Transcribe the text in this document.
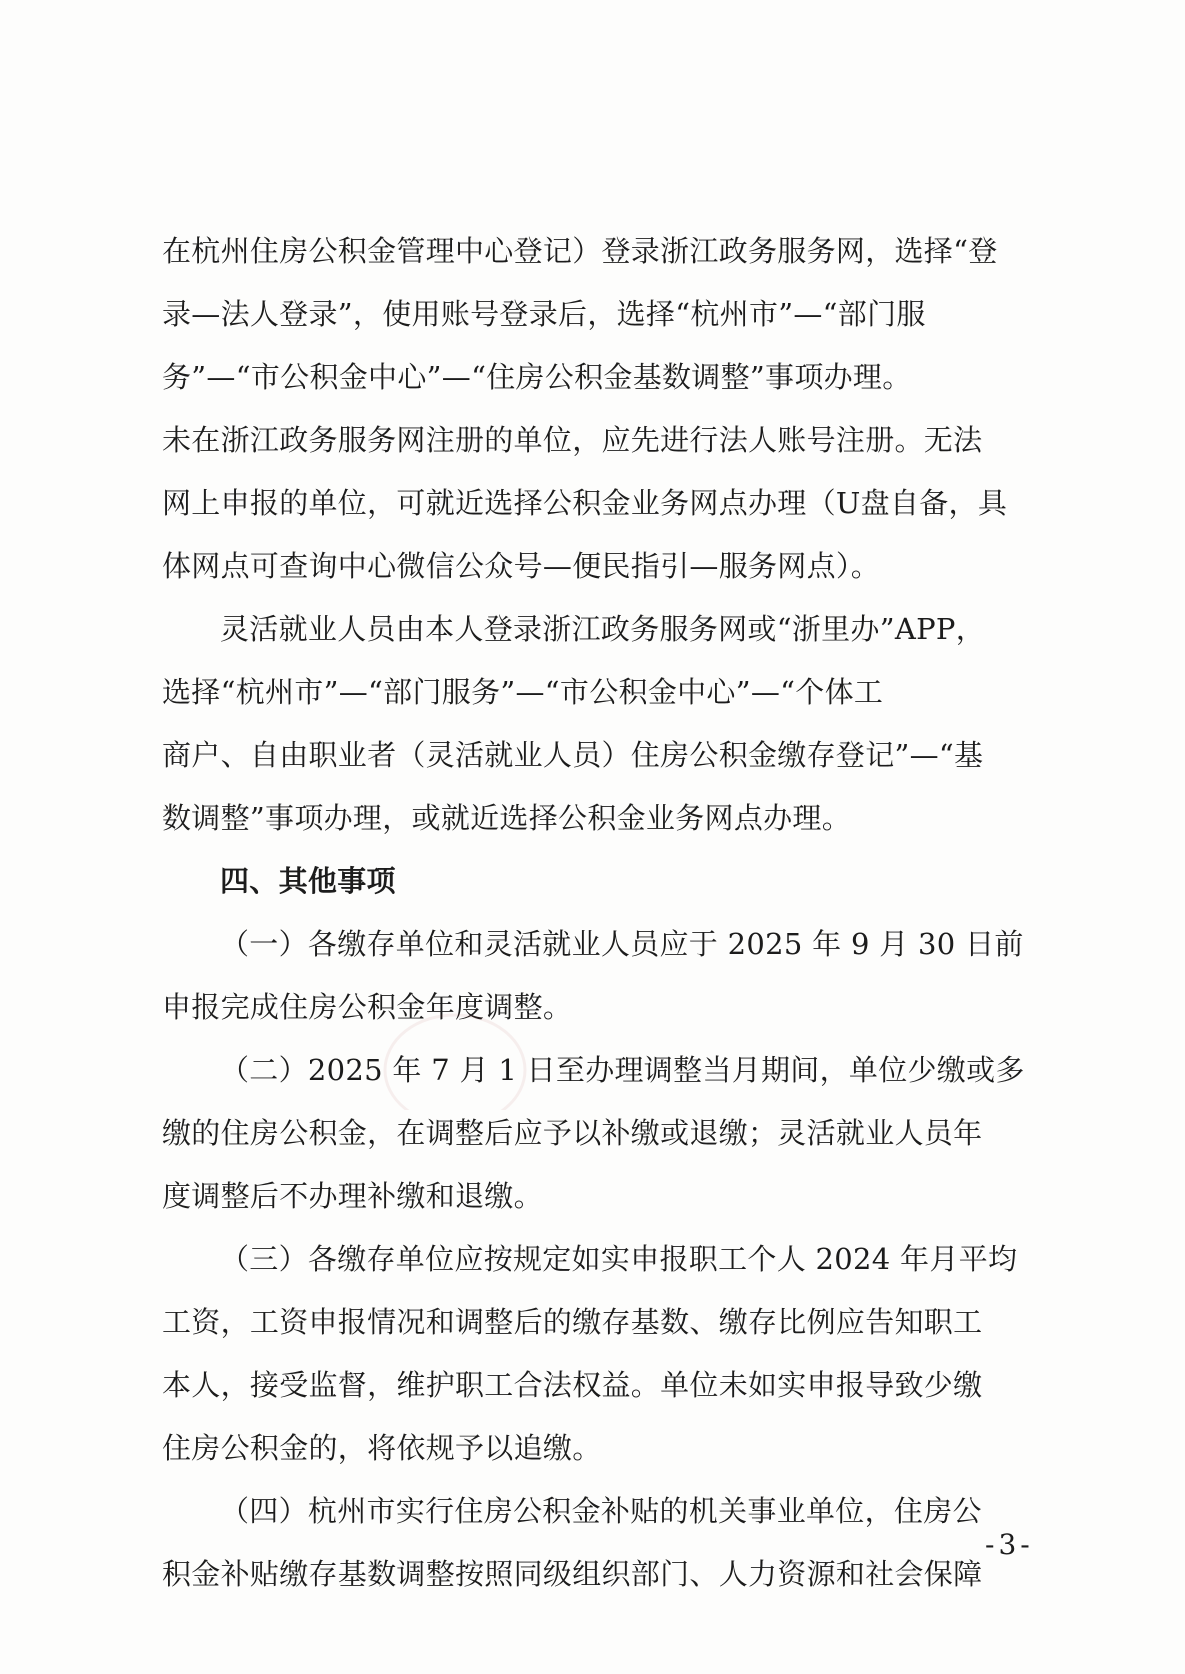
在杭州住房公积金管理中心登记）登录浙江政务服务网，选择“登
录—法人登录”，使用账号登录后，选择“杭州市”—“部门服
务”—“市公积金中心”—“住房公积金基数调整”事项办理。
未在浙江政务服务网注册的单位，应先进行法人账号注册。无法
网上申报的单位，可就近选择公积金业务网点办理（U盘自备，具
体网点可查询中心微信公众号—便民指引—服务网点）。
灵活就业人员由本人登录浙江政务服务网或“浙里办”APP，
选择“杭州市”—“部门服务”—“市公积金中心”—“个体工
商户、自由职业者（灵活就业人员）住房公积金缴存登记”—“基
数调整”事项办理，或就近选择公积金业务网点办理。
四、其他事项
（一）各缴存单位和灵活就业人员应于 2025 年 9 月 30 日前
申报完成住房公积金年度调整。
（二）2025 年 7 月 1 日至办理调整当月期间，单位少缴或多
缴的住房公积金，在调整后应予以补缴或退缴；灵活就业人员年
度调整后不办理补缴和退缴。
（三）各缴存单位应按规定如实申报职工个人 2024 年月平均
工资，工资申报情况和调整后的缴存基数、缴存比例应告知职工
本人，接受监督，维护职工合法权益。单位未如实申报导致少缴
住房公积金的，将依规予以追缴。
（四）杭州市实行住房公积金补贴的机关事业单位，住房公
积金补贴缴存基数调整按照同级组织部门、人力资源和社会保障
-3-
